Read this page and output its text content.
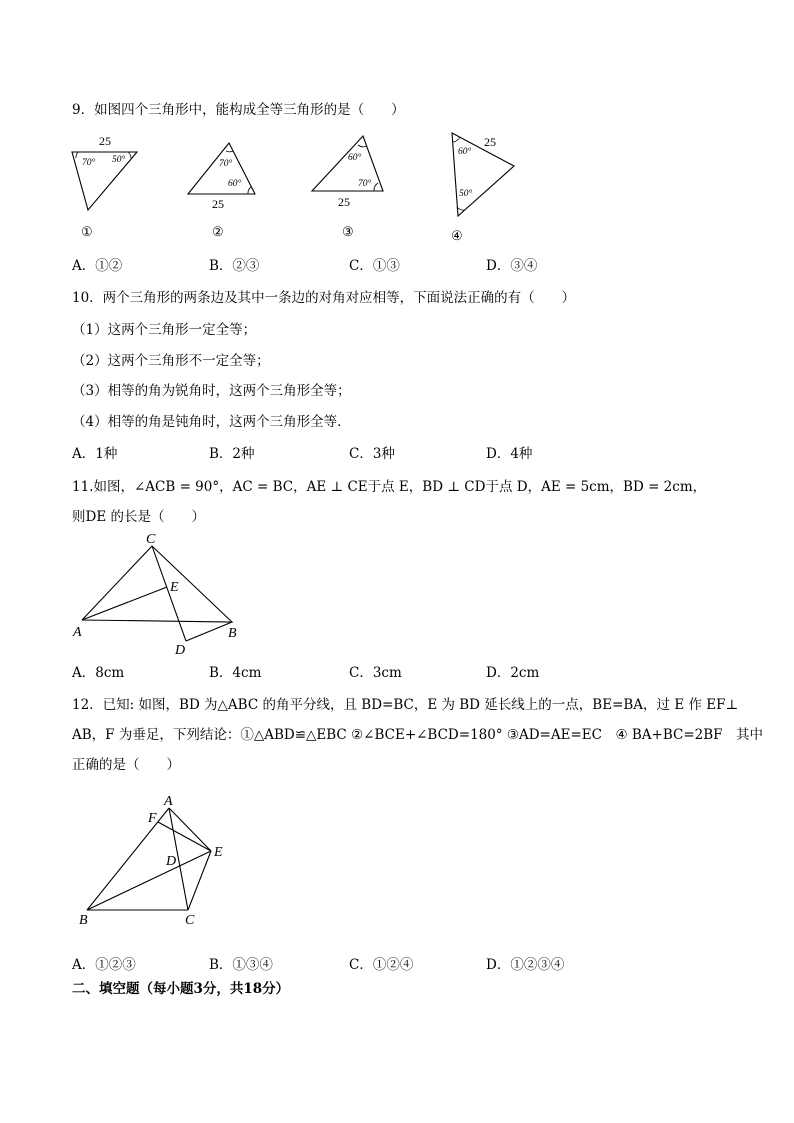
9．如图四个三角形中，能构成全等三角形的是（　　）
25
70° 50°
①
70°
60°
25
②
60°
70°
25
③
60°
50°
25
④
A．①②	B．②③	C．①③	D．③④
10．两个三角形的两条边及其中一条边的对角对应相等，下面说法正确的有（　　）
（1）这两个三角形一定全等；
（2）这两个三角形不一定全等；
（3）相等的角为锐角时，这两个三角形全等；
（4）相等的角是钝角时，这两个三角形全等．
A．1种	B．2种	C．3种	D．4种
11.如图，∠ACB = 90°，AC = BC，AE ⊥ CE于点 E，BD ⊥ CD于点 D，AE = 5cm，BD = 2cm，
则DE 的长是（　　）
C
E
A
D
B
A．8cm	B．4cm	C．3cm	D．2cm
12．已知: 如图，BD 为△ABC 的角平分线，且 BD=BC，E 为 BD 延长线上的一点，BE=BA，过 E 作 EF⊥
AB，F 为垂足，下列结论：①△ABD≌△EBC ②∠BCE+∠BCD=180° ③AD=AE=EC　④ BA+BC=2BF　其中
正确的是（　　）
A
F
D
E
B	C
A．①②③	B．①③④	C．①②④	D．①②③④
二、填空题（每小题3分，共18分）
